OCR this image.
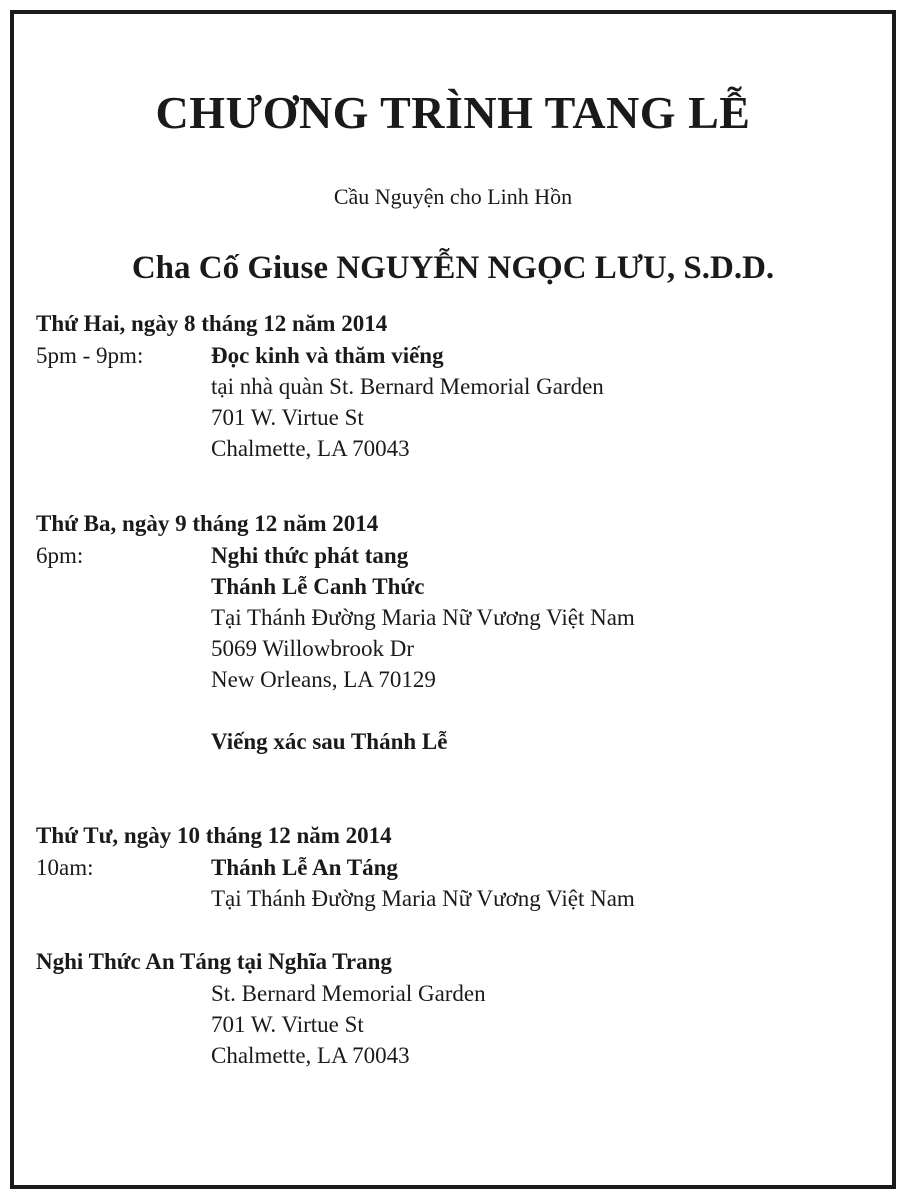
CHƯƠNG TRÌNH TANG LỄ
Cầu Nguyện cho Linh Hồn
Cha Cố Giuse NGUYỄN NGỌC LƯU, S.D.D.
Thứ Hai, ngày 8 tháng 12 năm 2014
5pm - 9pm:	Đọc kinh và thăm viếng
tại nhà quàn St. Bernard Memorial Garden
701 W. Virtue St
Chalmette, LA 70043
Thứ Ba, ngày 9 tháng 12 năm 2014
6pm:	Nghi thức phát tang
Thánh Lễ Canh Thức
Tại Thánh Đường Maria Nữ Vương Việt Nam
5069 Willowbrook Dr
New Orleans, LA 70129
Viếng xác sau Thánh Lễ
Thứ Tư, ngày 10 tháng 12 năm 2014
10am:	Thánh Lễ An Táng
Tại Thánh Đường Maria Nữ Vương Việt Nam
Nghi Thức An Táng tại Nghĩa Trang
St. Bernard Memorial Garden
701 W. Virtue St
Chalmette, LA 70043
